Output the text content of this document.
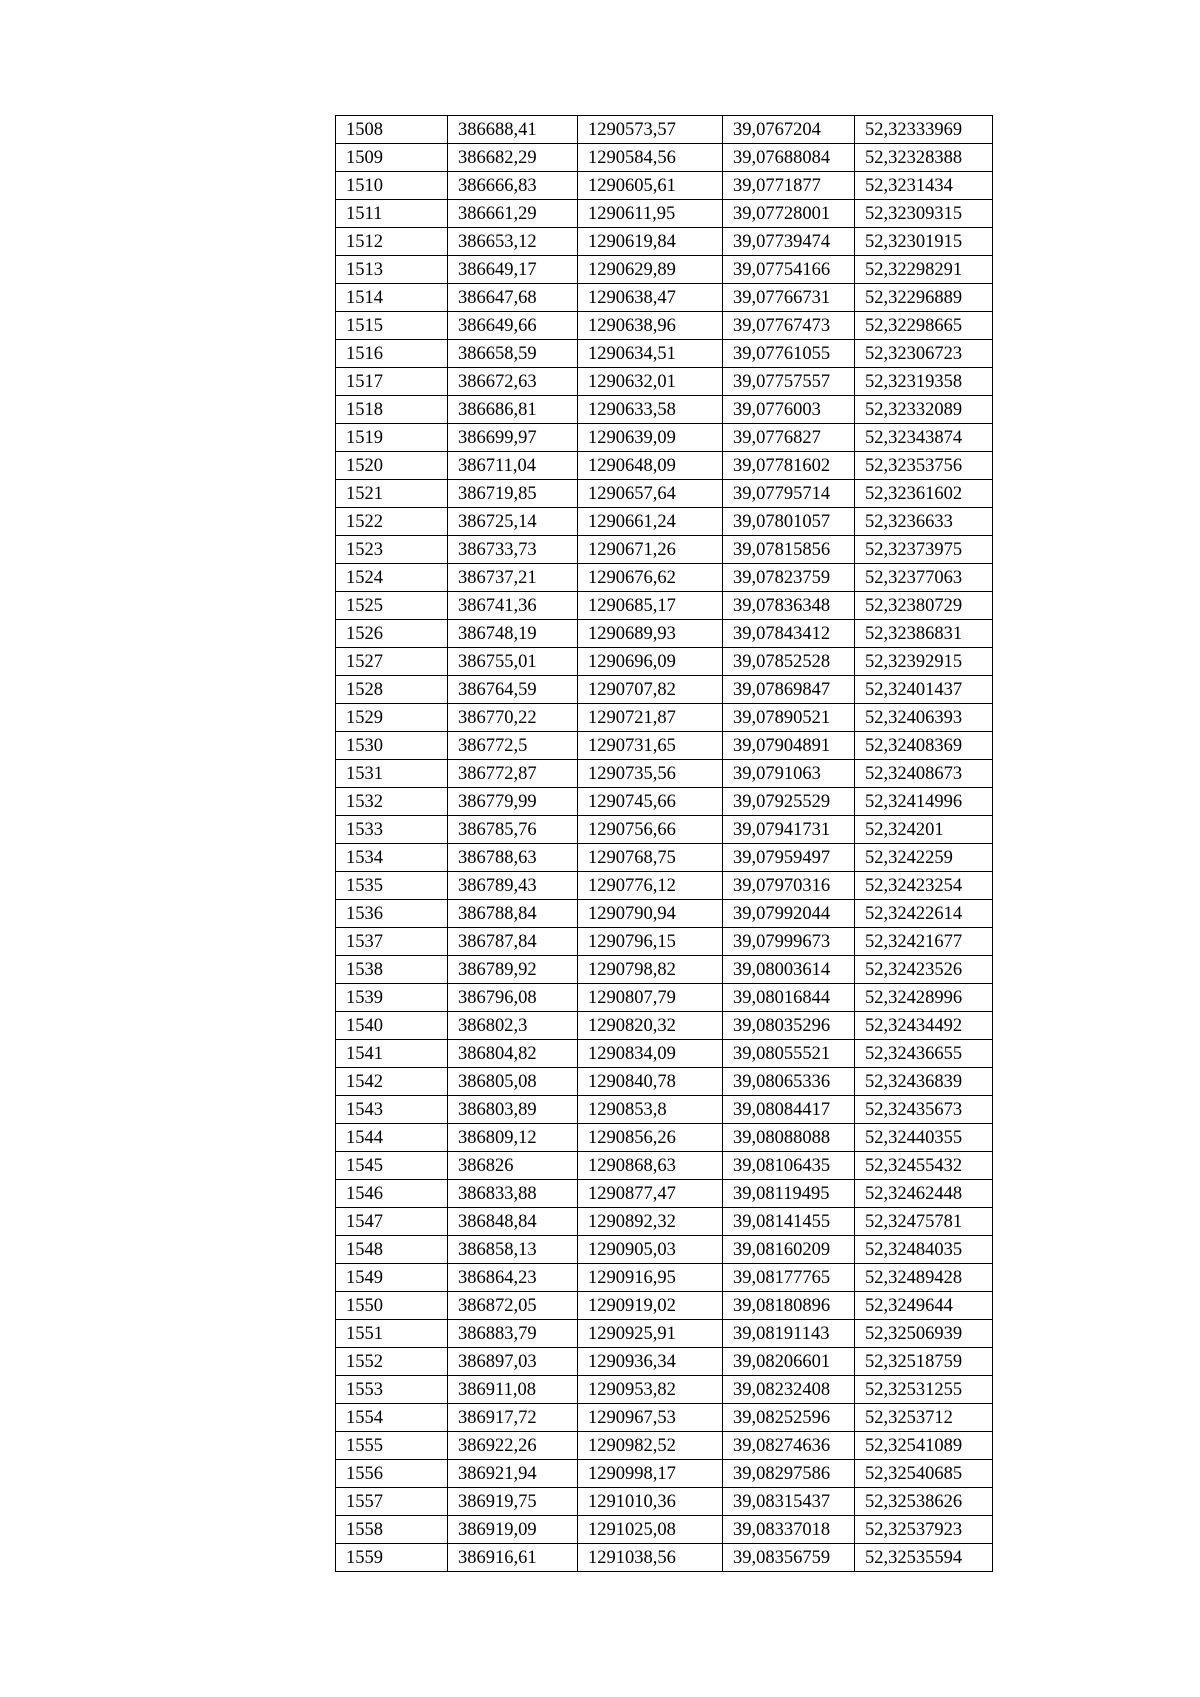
1508	386688,41	1290573,57	39,0767204	52,32333969
1509	386682,29	1290584,56	39,07688084	52,32328388
1510	386666,83	1290605,61	39,0771877	52,3231434
1511	386661,29	1290611,95	39,07728001	52,32309315
1512	386653,12	1290619,84	39,07739474	52,32301915
1513	386649,17	1290629,89	39,07754166	52,32298291
1514	386647,68	1290638,47	39,07766731	52,32296889
1515	386649,66	1290638,96	39,07767473	52,32298665
1516	386658,59	1290634,51	39,07761055	52,32306723
1517	386672,63	1290632,01	39,07757557	52,32319358
1518	386686,81	1290633,58	39,0776003	52,32332089
1519	386699,97	1290639,09	39,0776827	52,32343874
1520	386711,04	1290648,09	39,07781602	52,32353756
1521	386719,85	1290657,64	39,07795714	52,32361602
1522	386725,14	1290661,24	39,07801057	52,3236633
1523	386733,73	1290671,26	39,07815856	52,32373975
1524	386737,21	1290676,62	39,07823759	52,32377063
1525	386741,36	1290685,17	39,07836348	52,32380729
1526	386748,19	1290689,93	39,07843412	52,32386831
1527	386755,01	1290696,09	39,07852528	52,32392915
1528	386764,59	1290707,82	39,07869847	52,32401437
1529	386770,22	1290721,87	39,07890521	52,32406393
1530	386772,5	1290731,65	39,07904891	52,32408369
1531	386772,87	1290735,56	39,0791063	52,32408673
1532	386779,99	1290745,66	39,07925529	52,32414996
1533	386785,76	1290756,66	39,07941731	52,324201
1534	386788,63	1290768,75	39,07959497	52,3242259
1535	386789,43	1290776,12	39,07970316	52,32423254
1536	386788,84	1290790,94	39,07992044	52,32422614
1537	386787,84	1290796,15	39,07999673	52,32421677
1538	386789,92	1290798,82	39,08003614	52,32423526
1539	386796,08	1290807,79	39,08016844	52,32428996
1540	386802,3	1290820,32	39,08035296	52,32434492
1541	386804,82	1290834,09	39,08055521	52,32436655
1542	386805,08	1290840,78	39,08065336	52,32436839
1543	386803,89	1290853,8	39,08084417	52,32435673
1544	386809,12	1290856,26	39,08088088	52,32440355
1545	386826	1290868,63	39,08106435	52,32455432
1546	386833,88	1290877,47	39,08119495	52,32462448
1547	386848,84	1290892,32	39,08141455	52,32475781
1548	386858,13	1290905,03	39,08160209	52,32484035
1549	386864,23	1290916,95	39,08177765	52,32489428
1550	386872,05	1290919,02	39,08180896	52,3249644
1551	386883,79	1290925,91	39,08191143	52,32506939
1552	386897,03	1290936,34	39,08206601	52,32518759
1553	386911,08	1290953,82	39,08232408	52,32531255
1554	386917,72	1290967,53	39,08252596	52,3253712
1555	386922,26	1290982,52	39,08274636	52,32541089
1556	386921,94	1290998,17	39,08297586	52,32540685
1557	386919,75	1291010,36	39,08315437	52,32538626
1558	386919,09	1291025,08	39,08337018	52,32537923
1559	386916,61	1291038,56	39,08356759	52,32535594
